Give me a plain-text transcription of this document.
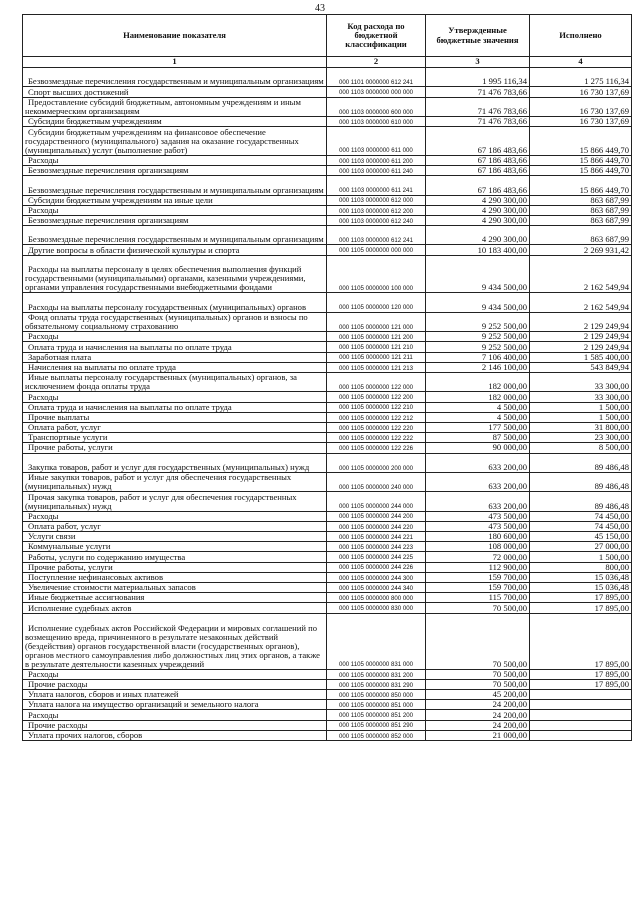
43
Наименование показателя	Код расхода по бюджетной классификации	Утвержденные бюджетные значения	Исполнено
1	2	3	4
Безвозмездные перечисления государственным и муниципальным организациям	000 1101 0000000 612 241	1 995 116,34	1 275 116,34
Спорт высших достижений	000 1103 0000000 000 000	71 476 783,66	16 730 137,69
Предоставление субсидий бюджетным, автономным учреждениям и иным некоммерческим организациям	000 1103 0000000 600 000	71 476 783,66	16 730 137,69
Субсидии бюджетным учреждениям	000 1103 0000000 610 000	71 476 783,66	16 730 137,69
Субсидии бюджетным учреждениям на финансовое обеспечение государственного (муниципального) задания на оказание государственных (муниципальных) услуг (выполнение работ)	000 1103 0000000 611 000	67 186 483,66	15 866 449,70
Расходы	000 1103 0000000 611 200	67 186 483,66	15 866 449,70
Безвозмездные перечисления организациям	000 1103 0000000 611 240	67 186 483,66	15 866 449,70
Безвозмездные перечисления государственным и муниципальным организациям	000 1103 0000000 611 241	67 186 483,66	15 866 449,70
Субсидии бюджетным учреждениям на иные цели	000 1103 0000000 612 000	4 290 300,00	863 687,99
Расходы	000 1103 0000000 612 200	4 290 300,00	863 687,99
Безвозмездные перечисления организациям	000 1103 0000000 612 240	4 290 300,00	863 687,99
Безвозмездные перечисления государственным и муниципальным организациям	000 1103 0000000 612 241	4 290 300,00	863 687,99
Другие вопросы в области физической культуры и спорта	000 1105 0000000 000 000	10 183 400,00	2 269 931,42
Расходы на выплаты персоналу в целях обеспечения выполнения функций государственными (муниципальными) органами, казенными учреждениями, органами управления государственными внебюджетными фондами	000 1105 0000000 100 000	9 434 500,00	2 162 549,94
Расходы на выплаты персоналу государственных (муниципальных) органов	000 1105 0000000 120 000	9 434 500,00	2 162 549,94
Фонд оплаты труда государственных (муниципальных) органов и взносы по обязательному социальному страхованию	000 1105 0000000 121 000	9 252 500,00	2 129 249,94
Расходы	000 1105 0000000 121 200	9 252 500,00	2 129 249,94
Оплата труда и начисления на выплаты по оплате труда	000 1105 0000000 121 210	9 252 500,00	2 129 249,94
Заработная плата	000 1105 0000000 121 211	7 106 400,00	1 585 400,00
Начисления на выплаты по оплате труда	000 1105 0000000 121 213	2 146 100,00	543 849,94
Иные выплаты персоналу государственных (муниципальных) органов, за исключением фонда оплаты труда	000 1105 0000000 122 000	182 000,00	33 300,00
Расходы	000 1105 0000000 122 200	182 000,00	33 300,00
Оплата труда и начисления на выплаты по оплате труда	000 1105 0000000 122 210	4 500,00	1 500,00
Прочие выплаты	000 1105 0000000 122 212	4 500,00	1 500,00
Оплата работ, услуг	000 1105 0000000 122 220	177 500,00	31 800,00
Транспортные услуги	000 1105 0000000 122 222	87 500,00	23 300,00
Прочие работы, услуги	000 1105 0000000 122 226	90 000,00	8 500,00
Закупка товаров, работ и услуг для государственных (муниципальных) нужд	000 1105 0000000 200 000	633 200,00	89 486,48
Иные закупки товаров, работ и услуг для обеспечения государственных (муниципальных) нужд	000 1105 0000000 240 000	633 200,00	89 486,48
Прочая закупка товаров, работ и услуг для обеспечения государственных (муниципальных) нужд	000 1105 0000000 244 000	633 200,00	89 486,48
Расходы	000 1105 0000000 244 200	473 500,00	74 450,00
Оплата работ, услуг	000 1105 0000000 244 220	473 500,00	74 450,00
Услуги связи	000 1105 0000000 244 221	180 600,00	45 150,00
Коммунальные услуги	000 1105 0000000 244 223	108 000,00	27 000,00
Работы, услуги по содержанию имущества	000 1105 0000000 244 225	72 000,00	1 500,00
Прочие работы, услуги	000 1105 0000000 244 226	112 900,00	800,00
Поступление нефинансовых активов	000 1105 0000000 244 300	159 700,00	15 036,48
Увеличение стоимости материальных запасов	000 1105 0000000 244 340	159 700,00	15 036,48
Иные бюджетные ассигнования	000 1105 0000000 800 000	115 700,00	17 895,00
Исполнение судебных актов	000 1105 0000000 830 000	70 500,00	17 895,00
Исполнение судебных актов Российской Федерации и мировых соглашений по возмещению вреда, причиненного в результате незаконных действий (бездействия) органов государственной власти (государственных органов), органов местного самоуправления либо должностных лиц этих органов, а также в результате деятельности казенных учреждений	000 1105 0000000 831 000	70 500,00	17 895,00
Расходы	000 1105 0000000 831 200	70 500,00	17 895,00
Прочие расходы	000 1105 0000000 831 290	70 500,00	17 895,00
Уплата налогов, сборов и иных платежей	000 1105 0000000 850 000	45 200,00	
Уплата налога на имущество организаций и земельного налога	000 1105 0000000 851 000	24 200,00	
Расходы	000 1105 0000000 851 200	24 200,00	
Прочие расходы	000 1105 0000000 851 290	24 200,00	
Уплата прочих налогов, сборов	000 1105 0000000 852 000	21 000,00	
